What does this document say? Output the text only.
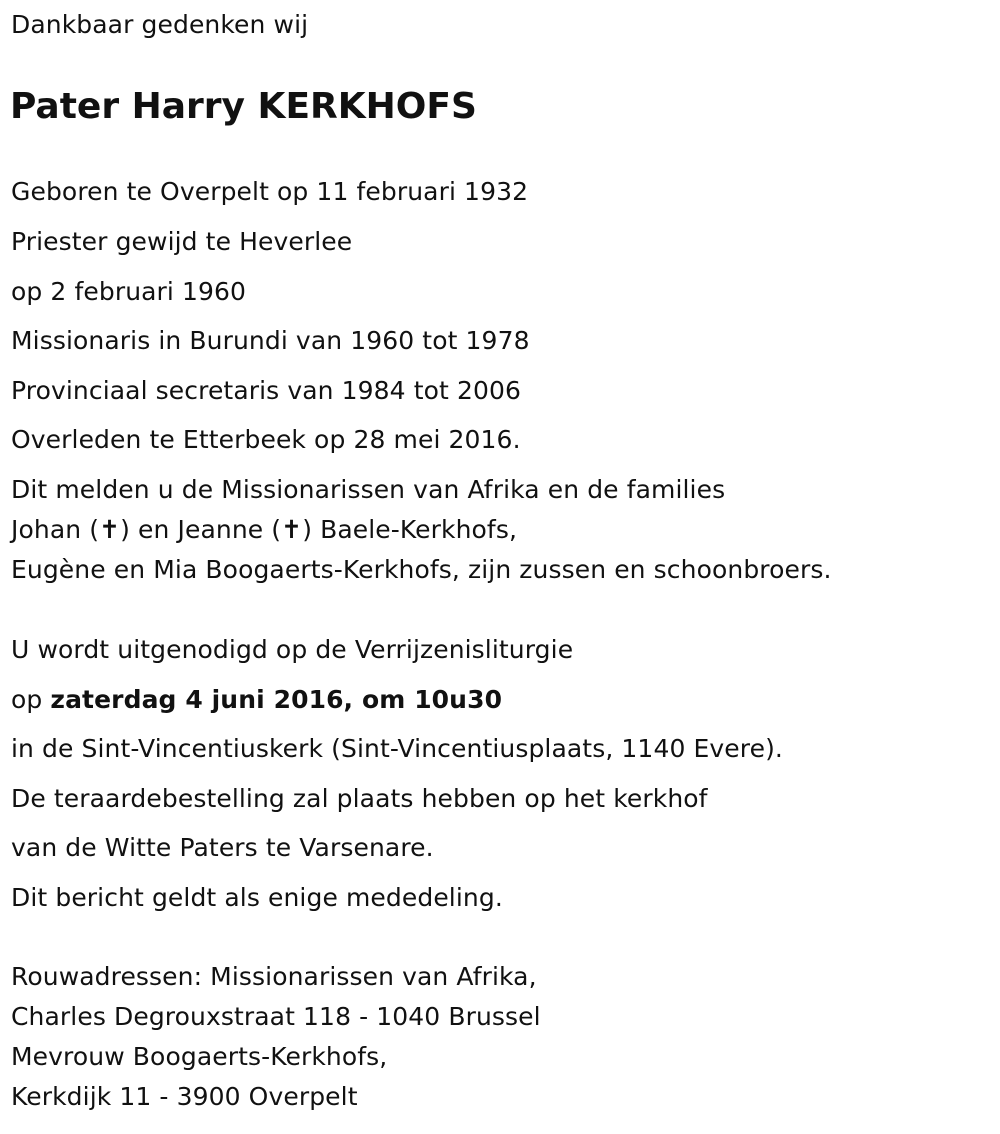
Dankbaar gedenken wij
Pater Harry KERKHOFS
Geboren te Overpelt op 11 februari 1932
Priester gewijd te Heverlee
op 2 februari 1960
Missionaris in Burundi van 1960 tot 1978
Provinciaal secretaris van 1984 tot 2006
Overleden te Etterbeek op 28 mei 2016.
Dit melden u de Missionarissen van Afrika en de families
Johan (✝) en Jeanne (✝) Baele-Kerkhofs,
Eugène en Mia Boogaerts-Kerkhofs, zijn zussen en schoonbroers.
U wordt uitgenodigd op de Verrijzenisliturgie
op zaterdag 4 juni 2016, om 10u30
in de Sint-Vincentiuskerk (Sint-Vincentiusplaats, 1140 Evere).
De teraardebestelling zal plaats hebben op het kerkhof
van de Witte Paters te Varsenare.
Dit bericht geldt als enige mededeling.
Rouwadressen: Missionarissen van Afrika,
Charles Degrouxstraat 118 - 1040 Brussel
Mevrouw Boogaerts-Kerkhofs,
Kerkdijk 11 - 3900 Overpelt
